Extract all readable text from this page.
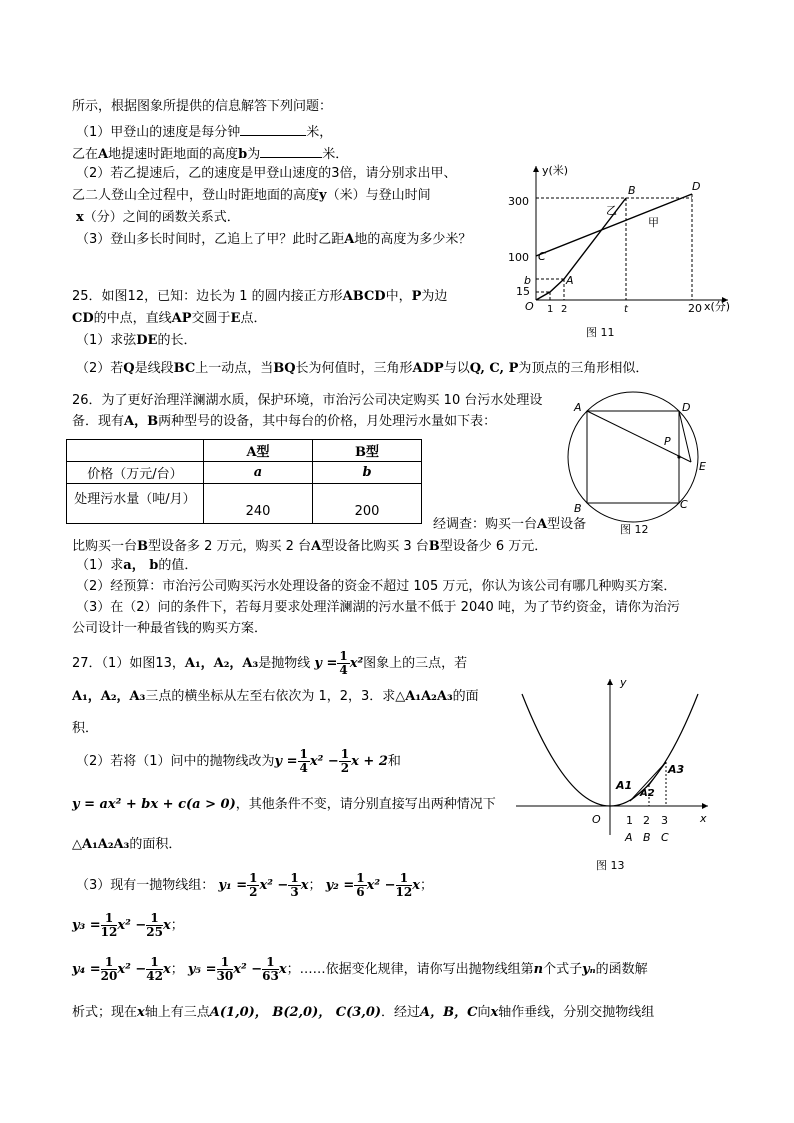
所示，根据图象所提供的信息解答下列问题：
（1）甲登山的速度是每分钟	米，
乙在A地提速时距地面的高度b为	米．
（2）若乙提速后，乙的速度是甲登山速度的3倍，请分别求出甲、
乙二人登山全过程中，登山时距地面的高度y（米）与登山时间
x（分）之间的函数关系式．
（3）登山多长时间时，乙追上了甲？此时乙距A地的高度为多少米？
y(米)
x(分)
O
300
100
b
15
1 2	t	20
B	D
C
A
乙
甲
图 11
25．如图12，已知：边长为 1 的圆内接正方形ABCD中，P为边
CD的中点，直线AP交圆于E点．
（1）求弦DE的长．
（2）若Q是线段BC上一动点，当BQ长为何值时，三角形ADP与以Q, C, P为顶点的三角形相似．
A	D
P
E
B	C
图 12
26．为了更好治理洋澜湖水质，保护环境，市治污公司决定购买 10 台污水处理设
备．现有A，B两种型号的设备，其中每台的价格，月处理污水量如下表：
	A型	B型
价格（万元/台）	a	b
处理污水量（吨/月）	240	200
经调查：购买一台A型设备
比购买一台B型设备多 2 万元，购买 2 台A型设备比购买 3 台B型设备少 6 万元．
（1）求a， b的值．
（2）经预算：市治污公司购买污水处理设备的资金不超过 105 万元，你认为该公司有哪几种购买方案．
（3）在（2）问的条件下，若每月要求处理洋澜湖的污水量不低于 2040 吨，为了节约资金，请你为治污
公司设计一种最省钱的购买方案．
27．（1）如图13，A₁，A₂，A₃是抛物线 $y = \frac{1}{4} x^2$图象上的三点，若
A₁，A₂，A₃三点的横坐标从左至右依次为 1，2，3．求△A₁A₂A₃的面
积．
（2）若将（1）问中的抛物线改为$y = \frac{1}{4} x^2 - \frac{1}{2}$ x + 2和
y = ax² + bx + c(a > 0)，其他条件不变，请分别直接写出两种情况下
△A₁A₂A₃的面积．
（3）现有一抛物线组： $y_1 = \frac{1}{2} x^2 - \frac{1}{3}$ x； $y_2 = \frac{1}{6} x^2 - \frac{1}{12}$ x；
$y_3 = \frac{1}{12} x^2 - \frac{1}{25}$ x；
$y_4 = \frac{1}{20} x^2 - \frac{1}{42}$ x； $y_5 = \frac{1}{30} x^2 - \frac{1}{63}$ x；……依据变化规律，请你写出抛物线组第n个式子yₙ的函数解
析式；现在x轴上有三点A(1,0)， B(2,0)， C(3,0)．经过A，B，C向x轴作垂线，分别交抛物线组
y
x
O 1 2 3
A B C
A1
A2
A3
图 13
